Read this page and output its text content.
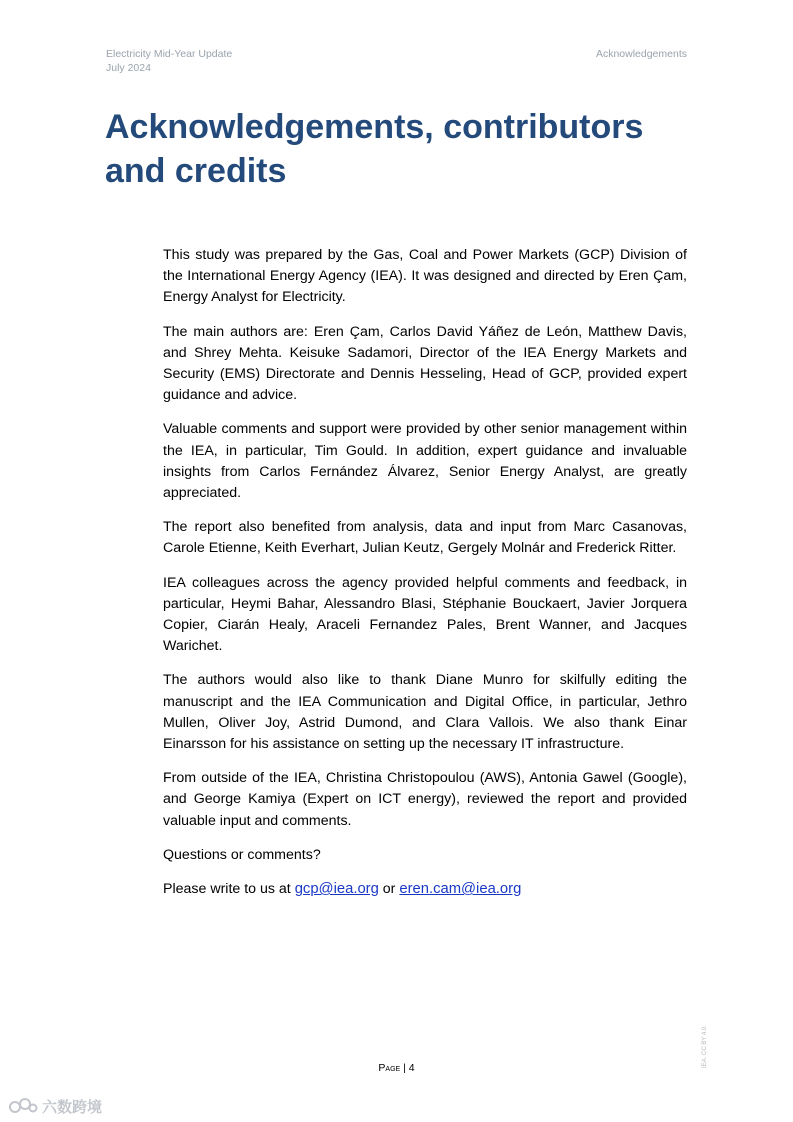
Electricity Mid-Year Update
July 2024
Acknowledgements
Acknowledgements, contributors
and credits

This study was prepared by the Gas, Coal and Power Markets (GCP) Division of the International Energy Agency (IEA). It was designed and directed by Eren Çam, Energy Analyst for Electricity.

The main authors are: Eren Çam, Carlos David Yáñez de León, Matthew Davis, and Shrey Mehta. Keisuke Sadamori, Director of the IEA Energy Markets and Security (EMS) Directorate and Dennis Hesseling, Head of GCP, provided expert guidance and advice.

Valuable comments and support were provided by other senior management within the IEA, in particular, Tim Gould. In addition, expert guidance and invaluable insights from Carlos Fernández Álvarez, Senior Energy Analyst, are greatly appreciated.

The report also benefited from analysis, data and input from Marc Casanovas, Carole Etienne, Keith Everhart, Julian Keutz, Gergely Molnár and Frederick Ritter.

IEA colleagues across the agency provided helpful comments and feedback, in particular, Heymi Bahar, Alessandro Blasi, Stéphanie Bouckaert, Javier Jorquera Copier, Ciarán Healy, Araceli Fernandez Pales, Brent Wanner, and Jacques Warichet.

The authors would also like to thank Diane Munro for skilfully editing the manuscript and the IEA Communication and Digital Office, in particular, Jethro Mullen, Oliver Joy, Astrid Dumond, and Clara Vallois. We also thank Einar Einarsson for his assistance on setting up the necessary IT infrastructure.

From outside of the IEA, Christina Christopoulou (AWS), Antonia Gawel (Google), and George Kamiya (Expert on ICT energy), reviewed the report and provided valuable input and comments.

Questions or comments?

Please write to us at gcp@iea.org or eren.cam@iea.org

Page | 4	IEA. CC BY 4.0.
六数跨境
